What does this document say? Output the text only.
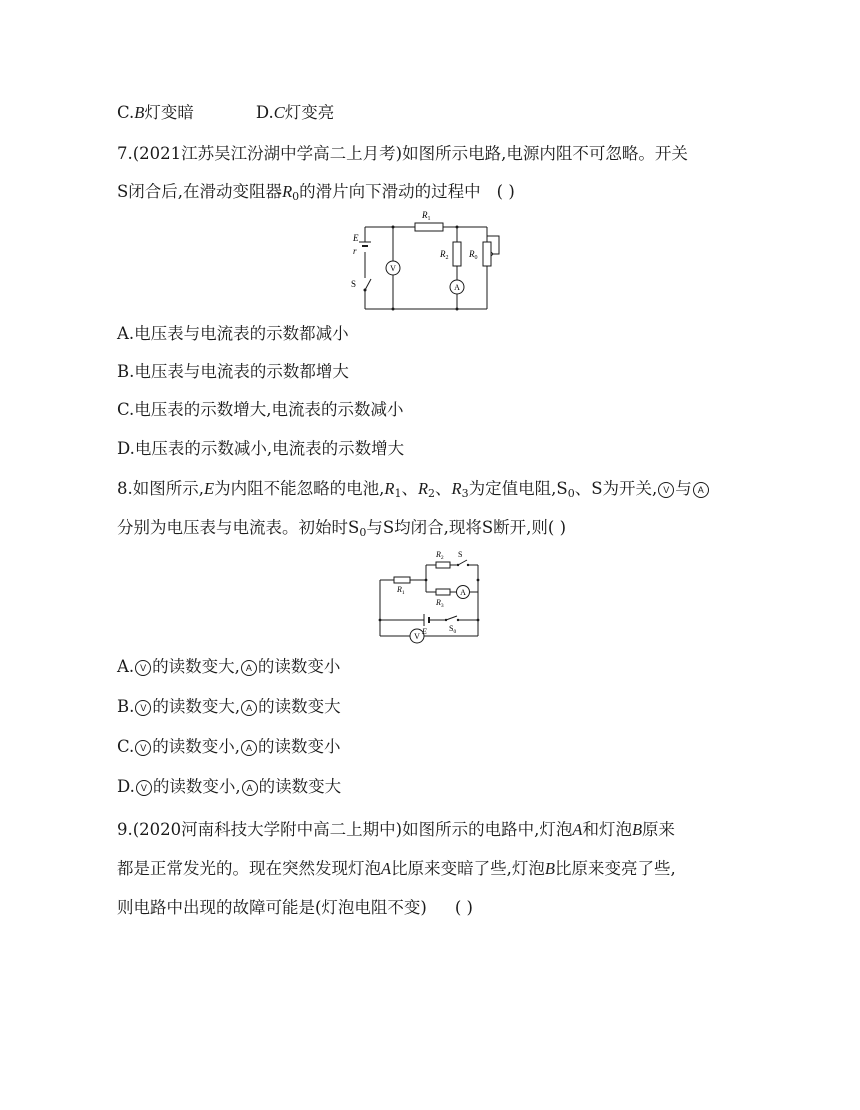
C.B灯变暗	D.C灯变亮
7.(2021江苏吴江汾湖中学高二上月考)如图所示电路,电源内阻不可忽略。开关
S闭合后,在滑动变阻器$R_0$的滑片向下滑动的过程中 ( )
V
A
E
r
S
$R_1$
$R_2$ $R_0$
A.电压表与电流表的示数都减小
B.电压表与电流表的示数都增大
C.电压表的示数增大,电流表的示数减小
D.电压表的示数减小,电流表的示数增大
8.如图所示,E为内阻不能忽略的电池$,R_1$、$R_2$、$R_3$为定值电阻$,S_0$、S为开关, V 与 A
分别为电压表与电流表。初始时$S_0$与S均闭合,现将S断开,则( )
A
V
$R_2$ S
$R_1$
$R_3$
E	$S_0$
A. V 的读数变大, A 的读数变小
B. V 的读数变大, A 的读数变大
C. V 的读数变小, A 的读数变小
D. V 的读数变小, A 的读数变大
9.(2020河南科技大学附中高二上期中)如图所示的电路中,灯泡A和灯泡B原来
都是正常发光的。现在突然发现灯泡A比原来变暗了些,灯泡B比原来变亮了些,
则电路中出现的故障可能是(灯泡电阻不变) ( )
